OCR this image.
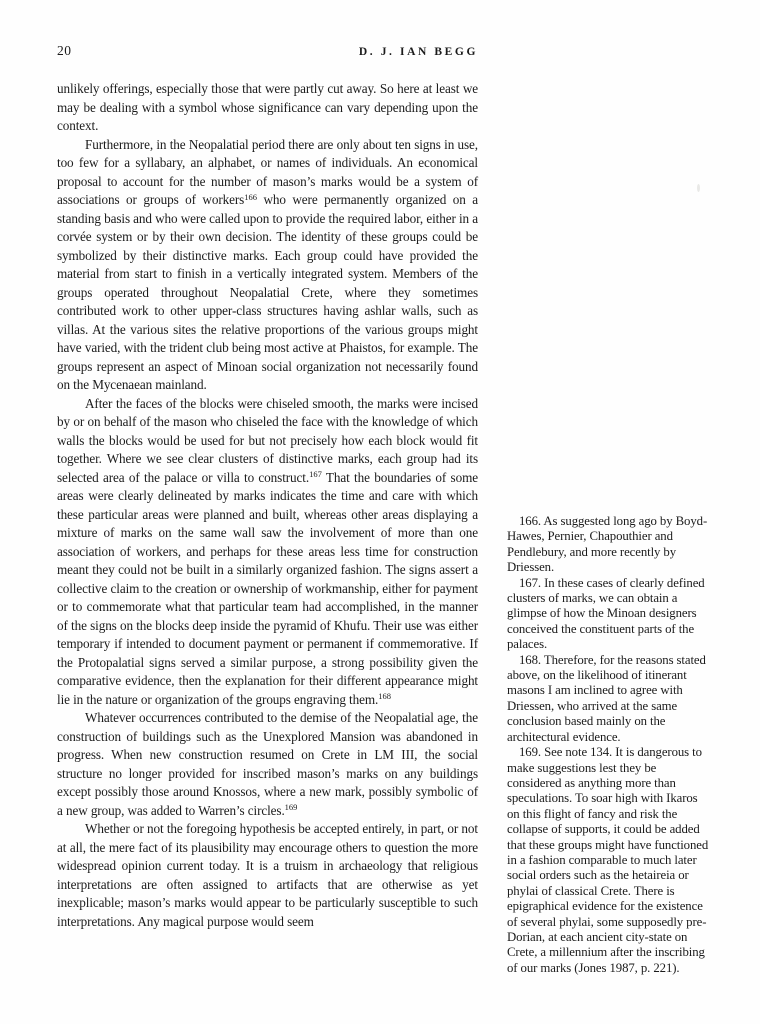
20	D. J. IAN BEGG

unlikely offerings, especially those that were partly cut away. So here at least we may be dealing with a symbol whose significance can vary depending upon the context.

Furthermore, in the Neopalatial period there are only about ten signs in use, too few for a syllabary, an alphabet, or names of individuals. An economical proposal to account for the number of mason’s marks would be a system of associations or groups of workers$^{166}$ who were permanently organized on a standing basis and who were called upon to provide the required labor, either in a corvée system or by their own decision. The identity of these groups could be symbolized by their distinctive marks. Each group could have provided the material from start to finish in a vertically integrated system. Members of the groups operated throughout Neopalatial Crete, where they sometimes contributed work to other upper-class structures having ashlar walls, such as villas. At the various sites the relative proportions of the various groups might have varied, with the trident club being most active at Phaistos, for example. The groups represent an aspect of Minoan social organization not necessarily found on the Mycenaean mainland.

After the faces of the blocks were chiseled smooth, the marks were incised by or on behalf of the mason who chiseled the face with the knowledge of which walls the blocks would be used for but not precisely how each block would fit together. Where we see clear clusters of distinctive marks, each group had its selected area of the palace or villa to construct.$^{167}$ That the boundaries of some areas were clearly delineated by marks indicates the time and care with which these particular areas were planned and built, whereas other areas displaying a mixture of marks on the same wall saw the involvement of more than one association of workers, and perhaps for these areas less time for construction meant they could not be built in a similarly organized fashion. The signs assert a collective claim to the creation or ownership of workmanship, either for payment or to commemorate what that particular team had accomplished, in the manner of the signs on the blocks deep inside the pyramid of Khufu. Their use was either temporary if intended to document payment or permanent if commemorative. If the Protopalatial signs served a similar purpose, a strong possibility given the comparative evidence, then the explanation for their different appearance might lie in the nature or organization of the groups engraving them.$^{168}$

Whatever occurrences contributed to the demise of the Neopalatial age, the construction of buildings such as the Unexplored Mansion was abandoned in progress. When new construction resumed on Crete in LM III, the social structure no longer provided for inscribed mason’s marks on any buildings except possibly those around Knossos, where a new mark, possibly symbolic of a new group, was added to Warren’s circles.$^{169}$

Whether or not the foregoing hypothesis be accepted entirely, in part, or not at all, the mere fact of its plausibility may encourage others to question the more widespread opinion current today. It is a truism in archaeology that religious interpretations are often assigned to artifacts that are otherwise as yet inexplicable; mason’s marks would appear to be particularly susceptible to such interpretations. Any magical purpose would seem

166. As suggested long ago by Boyd-Hawes, Pernier, Chapouthier and Pendlebury, and more recently by Driessen.

167. In these cases of clearly defined clusters of marks, we can obtain a glimpse of how the Minoan designers conceived the constituent parts of the palaces.

168. Therefore, for the reasons stated above, on the likelihood of itinerant masons I am inclined to agree with Driessen, who arrived at the same conclusion based mainly on the architectural evidence.

169. See note 134. It is dangerous to make suggestions lest they be considered as anything more than speculations. To soar high with Ikaros on this flight of fancy and risk the collapse of supports, it could be added that these groups might have functioned in a fashion comparable to much later social orders such as the hetaireia or phylai of classical Crete. There is epigraphical evidence for the existence of several phylai, some supposedly pre-Dorian, at each ancient city-state on Crete, a millennium after the inscribing of our marks (Jones 1987, p. 221).
